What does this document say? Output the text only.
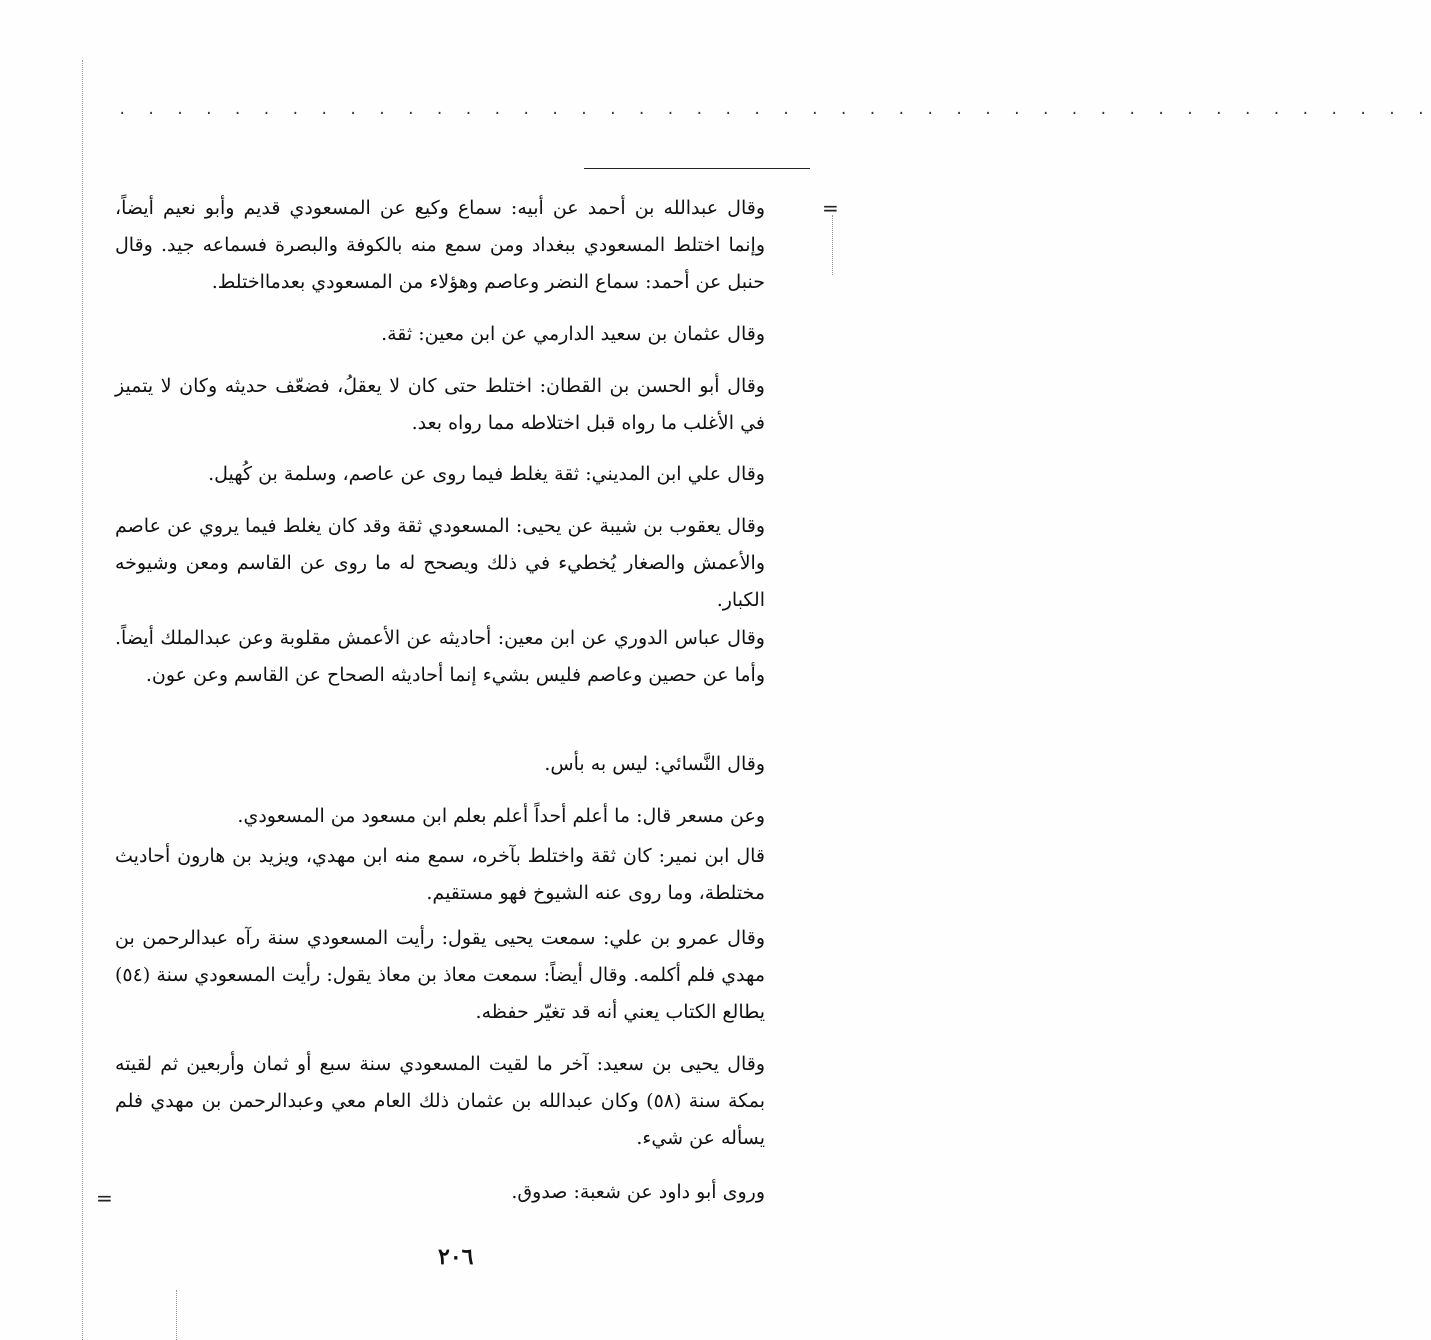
. . . . . . . . . . . . . . . . . . . . . . . . . . . . . . . . . . . . . . . . . . . . . .
=
=
وقال عبدالله بن أحمد عن أبيه: سماع وكيع عن المسعودي قديم وأبو نعيم أيضاً، وإنما اختلط المسعودي ببغداد ومن سمع منه بالكوفة والبصرة فسماعه جيد. وقال حنبل عن أحمد: سماع النضر وعاصم وهؤلاء من المسعودي بعدمااختلط.
وقال عثمان بن سعيد الدارمي عن ابن معين: ثقة.
وقال أبو الحسن بن القطان: اختلط حتى كان لا يعقلُ، فضعّف حديثه وكان لا يتميز في الأغلب ما رواه قبل اختلاطه مما رواه بعد.
وقال علي ابن المديني: ثقة يغلط فيما روى عن عاصم، وسلمة بن كُهيل.
وقال يعقوب بن شيبة عن يحيى: المسعودي ثقة وقد كان يغلط فيما يروي عن عاصم والأعمش والصغار يُخطيء في ذلك ويصحح له ما روى عن القاسم ومعن وشيوخه الكبار.
وقال عباس الدوري عن ابن معين: أحاديثه عن الأعمش مقلوبة وعن عبدالملك أيضاً. وأما عن حصين وعاصم فليس بشيء إنما أحاديثه الصحاح عن القاسم وعن عون.
وقال النَّسائي: ليس به بأس.
وعن مسعر قال: ما أعلم أحداً أعلم بعلم ابن مسعود من المسعودي.
قال ابن نمير: كان ثقة واختلط بآخره، سمع منه ابن مهدي، ويزيد بن هارون أحاديث مختلطة، وما روى عنه الشيوخ فهو مستقيم.
وقال عمرو بن علي: سمعت يحيى يقول: رأيت المسعودي سنة رآه عبدالرحمن بن مهدي فلم أكلمه. وقال أيضاً: سمعت معاذ بن معاذ يقول: رأيت المسعودي سنة (٥٤) يطالع الكتاب يعني أنه قد تغيّر حفظه.
وقال يحيى بن سعيد: آخر ما لقيت المسعودي سنة سبع أو ثمان وأربعين ثم لقيته بمكة سنة (٥٨) وكان عبدالله بن عثمان ذلك العام معي وعبدالرحمن بن مهدي فلم يسأله عن شيء.
وروى أبو داود عن شعبة: صدوق.
٢٠٦
